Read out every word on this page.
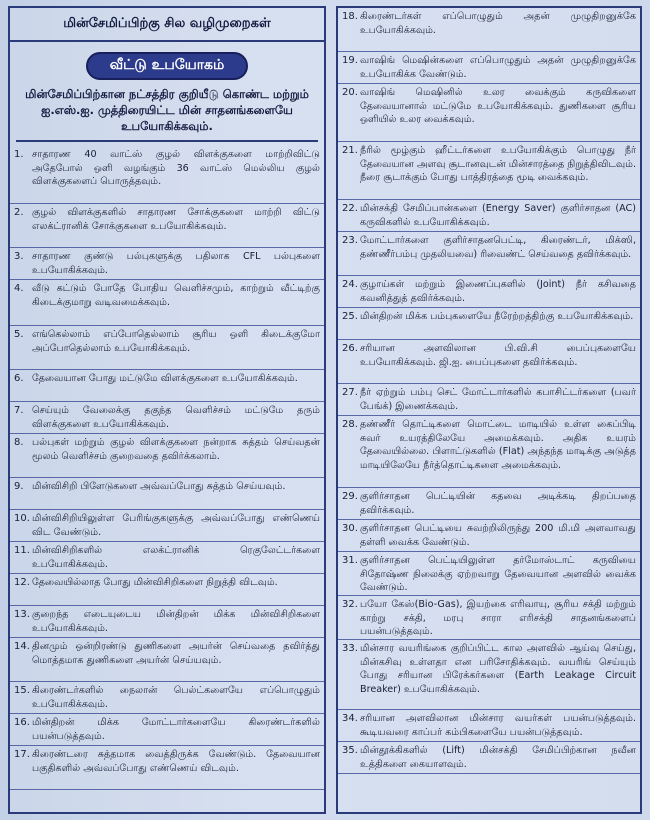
மின்சேமிப்பிற்கு சில வழிமுறைகள்
வீட்டு உபயோகம்
மின்சேமிப்பிற்கான நட்சத்திர குறியீடு கொண்ட மற்றும் ஐ.எஸ்.ஐ. முத்திரையிட்ட மின் சாதனங்களையே உபயோகிக்கவும்.
1. சாதாரண 40 வாட்ஸ் குழல் விளக்குகளை மாற்றிவிட்டு அதேபோல் ஒளி வழங்கும் 36 வாட்ஸ் மெல்லிய குழல் விளக்குகளைப் பொருத்தவும்.
2. குழல் விளக்குகளில் சாதாரண சோக்குகளை மாற்றி விட்டு எலக்ட்ரானிக் சோக்குகளை உபயோகிக்கவும்.
3. சாதாரண குண்டு பல்புகளுக்கு பதிலாக CFL பல்புகளை உபயோகிக்கவும்.
4. வீடு கட்டும் போதே போதிய வெளிச்சமும், காற்றும் வீட்டிற்கு கிடைக்குமாறு வடிவமைக்கவும்.
5. எங்கெல்லாம் எப்போதெல்லாம் சூரிய ஒளி கிடைக்குமோ அப்போதெல்லாம் உபயோகிக்கவும்.
6. தேவையான போது மட்டுமே விளக்குகளை உபயோகிக்கவும்.
7. செய்யும் வேலைக்கு தகுந்த வெளிச்சம் மட்டுமே தரும் விளக்குகளை உபயோகிக்கவும்.
8. பல்புகள் மற்றும் குழல் விளக்குகளை நன்றாக சுத்தம் செய்வதன் மூலம் வெளிச்சம் குறைவதை தவிர்க்கலாம்.
9. மின்விசிறி பிளேடுகளை அவ்வப்போது சுத்தம் செய்யவும்.
10. மின்விசிறியிலுள்ள பேரிங்குகளுக்கு அவ்வப்போது எண்ணெய் விட வேண்டும்.
11. மின்விசிறிகளில் எலக்ட்ரானிக் ரெகுலேட்டர்களை உபயோகிக்கவும்.
12. தேவையில்லாத போது மின்விசிறிகளை நிறுத்தி விடவும்.
13. குறைந்த எடையுடைய மின்திறன் மிக்க மின்விசிறிகளை உபயோகிக்கவும்.
14. தினமும் ஒன்றிரண்டு துணிகளை அயர்ன் செய்வதை தவிர்த்து மொத்தமாக துணிகளை அயர்ன் செய்யவும்.
15. கிரைண்டர்களில் நைலான் பெல்ட்களையே எப்பொழுதும் உபயோகிக்கவும்.
16. மின்திறன் மிக்க மோட்டார்களையே கிரைண்டர்களில் பயன்படுத்தவும்.
17. கிரைண்டரை சுத்தமாக வைத்திருக்க வேண்டும். தேவையான பகுதிகளில் அவ்வப்போது எண்ணெய் விடவும்.
18. கிரைண்டர்கள் எப்பொழுதும் அதன் முழுதிறனுக்கே உபயோகிக்கவும்.
19. வாஷிங் மெஷின்களை எப்பொழுதும் அதன் முழுதிறனுக்கே உபயோகிக்க வேண்டும்.
20. வாஷிங் மெஷினில் உலர வைக்கும் கருவிகளை தேவையானால் மட்டுமே உபயோகிக்கவும். துணிகளை சூரிய ஒளியில் உலர வைக்கவும்.
21. நீரில் மூழ்கும் ஹீட்டர்களை உபயோகிக்கும் பொழுது நீர் தேவையான அளவு சூடானவுடன் மின்சாரத்தை நிறுத்திவிடவும். நீரை சூடாக்கும் போது பாத்திரத்தை மூடி வைக்கவும்.
22. மின்சக்தி சேமிப்பான்களை (Energy Saver) குளிர்சாதன (AC) கருவிகளில் உபயோகிக்கவும்.
23. மோட்டார்களை குளிர்சாதனபெட்டி, கிரைண்டர், மிக்ஸி, தண்ணீர்பம்பு முதலியவை) ரிவைண்ட் செய்வதை தவிர்க்கவும்.
24. குழாய்கள் மற்றும் இணைப்புகளில் (Joint) நீர் கசிவதை கவனித்துத் தவிர்க்கவும்.
25. மின்திறன் மிக்க பம்புகளையே நீரேற்றத்திற்கு உபயோகிக்கவும்.
26. சரியான அளவிலான பி.வி.சி பைப்புகளையே உபயோகிக்கவும். ஜி.ஐ. பைப்புகளை தவிர்க்கவும்.
27. நீர் ஏற்றும் பம்பு செட் மோட்டார்களில் கபாசிட்டர்களை (பவர் பேங்க்) இணைக்கவும்.
28. தண்ணீர் தொட்டிகளை மொட்டை மாடியில் உள்ள கைப்பிடி சுவர் உயரத்திலேயே அமைக்கவும். அதிக உயரம் தேவையில்லை. பிளாட்டுகளில் (Flat) அந்தந்த மாடிக்கு அடுத்த மாடியிலேயே நீர்த்தொட்டிகளை அமைக்கவும்.
29. குளிர்சாதன பெட்டியின் கதவை அடிக்கடி திறப்பதை தவிர்க்கவும்.
30. குளிர்சாதன பெட்டியை சுவற்றிலிருந்து 200 மி.மி அளவாவது தள்ளி வைக்க வேண்டும்.
31. குளிர்சாதன பெட்டியிலுள்ள தர்மோஸ்டாட் கருவியை சிதோஷ்ண நிலைக்கு ஏற்றவாறு தேவையான அளவில் வைக்க வேண்டும்.
32. பயோ கேஸ்(Bio-Gas), இயற்கை எரிவாயு, சூரிய சக்தி மற்றும் காற்று சக்தி, மரபு சாரா எரிசக்தி சாதனங்களைப் பயன்படுத்தவும்.
33. மின்சார வயரிங்கை குறிப்பிட்ட கால அளவில் ஆய்வு செய்து, மின்கசிவு உள்ளதா என பரிசோதிக்கவும். வயரிங் செய்யும் போது சரியான பிரேக்கர்களை (Earth Leakage Circuit Breaker) உபயோகிக்கவும்.
34. சரியான அளவிலான மின்சார வயர்கள் பயன்படுத்தவும். கூடியவரை காப்பர் கம்பிகளையே பயன்படுத்தவும்.
35. மின்தூக்கிகளில் (Lift) மின்சக்தி சேமிப்பிற்கான நவீன உத்திகளை கையாளவும்.
